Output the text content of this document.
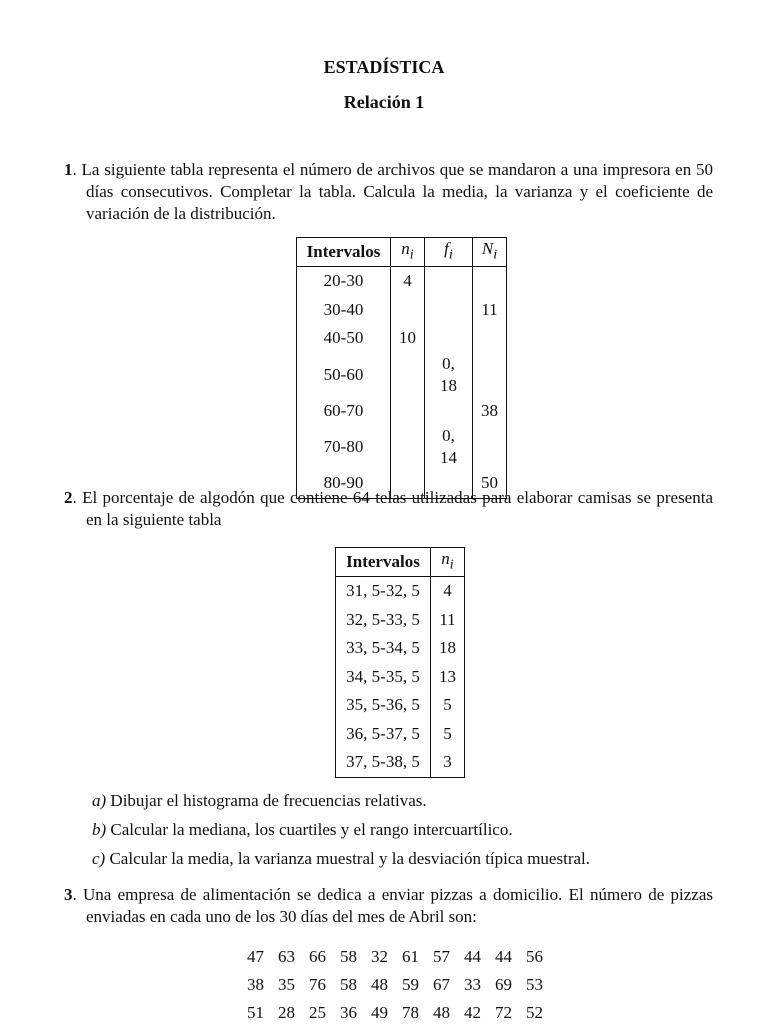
ESTADÍSTICA
Relación 1

1. La siguiente tabla representa el número de archivos que se mandaron a una impresora en 50 días consecutivos. Completar la tabla. Calcula la media, la varianza y el coeficiente de variación de la distribución.

Intervalos	$n_i$	$f_i$	$N_i$
20-30	4		
30-40			11
40-50	10		
50-60		0, 18	
60-70			38
70-80		0, 14	
80-90			50

2. El porcentaje de algodón que contiene 64 telas utilizadas para elaborar camisas se presenta en la siguiente tabla

Intervalos	$n_i$
31, 5-32, 5	4
32, 5-33, 5	11
33, 5-34, 5	18
34, 5-35, 5	13
35, 5-36, 5	5
36, 5-37, 5	5
37, 5-38, 5	3
a) Dibujar el histograma de frecuencias relativas.
b) Calcular la mediana, los cuartiles y el rango intercuartílico.
c) Calcular la media, la varianza muestral y la desviación típica muestral.

3. Una empresa de alimentación se dedica a enviar pizzas a domicilio. El número de pizzas enviadas en cada uno de los 30 días del mes de Abril son:

47 63 66 58 32 61 57 44 44 56
38 35 76 58 48 59 67 33 69 53
51 28 25 36 49 78 48 42 72 52
